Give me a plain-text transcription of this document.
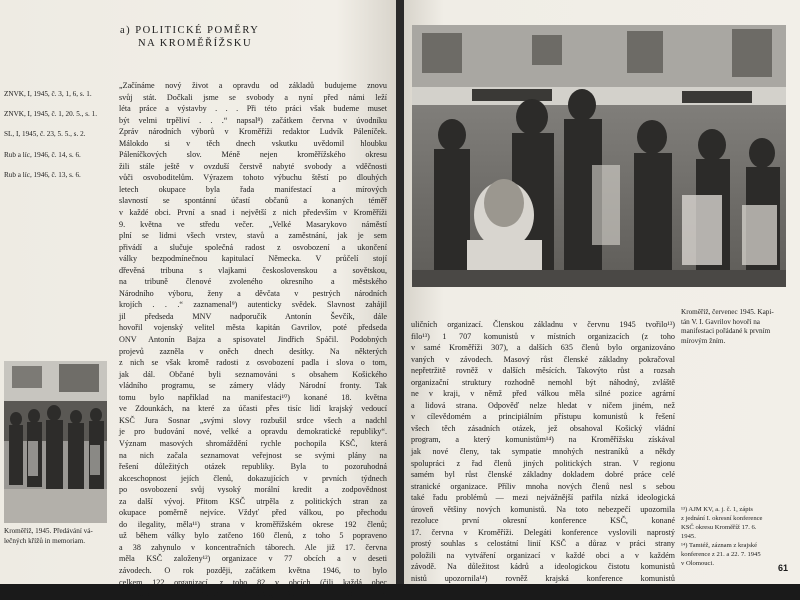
a) POLITICKÉ POMĚRY
NA KROMĚŘÍŽSKU
ZNVK, I, 1945, č. 3, 1, 6, s. 1.
ZNVK, I, 1945, č. 1, 20. 5., s. 1.
SL, I, 1945, č. 23, 5. 5., s. 2.
Rub a líc, 1946, č. 14, s. 6.
Rub a líc, 1946, č. 13, s. 6.
„Začínáme nový život a opravdu od základů budujeme znovu
svůj stát. Dočkali jsme se svobody a nyní před námi leží
léta práce a výstavby . . . Při této práci však budeme muset
být velmi trpěliví . . .“ napsal⁸) začátkem června v úvodníku
Zpráv národních výborů v Kroměříži redaktor Ludvík Páleníček.
Málokdo si v těch dnech vskutku uvědomil hloubku
Páleníčkových slov. Méně nejen kroměřížského okresu
žili stále ještě v ovzduší čerstvě nabyté svobody a vděčnosti
vůči osvoboditelům. Výrazem tohoto výbuchu štěstí po dlouhých
letech okupace byla řada manifestací a mírových
slavností se spontánní účastí občanů a konaných téměř
v každé obci. První a snad i největší z nich především v Kroměříži
9. května ve středu večer. „Velké Masarykovo náměstí
plní se lidmi všech vrstev, stavů a zaměstnání, jak je sem
přivádí a slučuje společná radost z osvobození a ukončení
války bezpodmínečnou kapitulací Německa. V průčelí stojí
dřevěná tribuna s vlajkami československou a sovětskou,
na tribuně členové zvoleného okresního a městského
Národního výboru, ženy a děvčata v pestrých národních
krojích . . .“ zaznamenal⁹) autenticky svědek. Slavnost zahájil
jil předseda MNV nadporučík Antonín Ševčík, dále
hovořil vojenský velitel města kapitán Gavrilov, poté předseda
ONV Antonín Bajza a spisovatel Jindřich Spáčil. Podobných
projevů zazněla v oněch dnech desítky. Na některých
z nich se však kromě radosti z osvobození padla i slova o tom,
jak dál. Občané byli seznamováni s obsahem Košického
vládního programu, se zámery vlády Národní fronty. Tak
tomu bylo například na manifestaci¹⁰) konané 18. května
ve Zdounkách, na které za účasti přes tisíc lidí krajský vedoucí
KSČ Jura Sosnar „svými slovy rozbušil srdce všech a nadchl
je pro budování nové, velké a opravdu demokratické republiky“.
Význam masových shromáždění rychle pochopila KSČ, která
na nich začala seznamovat veřejnost se svými plány na
řešení důležitých otázek republiky. Byla to pozoruhodná
akceschopnost jejích členů, dokazujících v prvních týdnech
po osvobození svůj vysoký morální kredit a zodpovědnost
za další vývoj. Přitom KSČ utrpěla z politických stran za
okupace poměrně nejvíce. Vždyť před válkou, po přechodu
do ilegality, měla¹¹) strana v kroměřížském okrese 192 členů;
už během války bylo zatčeno 160 členů, z toho 5 popraveno
a 38 zahynulo v koncentračních táborech. Ale již 17. června
měla KSČ založeny¹²) organizace v 77 obcích a v deseti
závodech. O rok později, začátkem května 1946, to bylo
celkem 122 organizací, z toho 82 v obcích (čili každá obec
v okrese měla stranickou organizaci), 26 v závodech a 14
Kroměříž, 1945. Předávání vá-
lečných křížů in memoriam.
Kroměříž, červenec 1945. Kapi-
tán V. I. Gavrilov hovoří na
manifestaci pořádané k prvním
mírovým žním.
uličních organizací. Členskou základnu v červnu 1945 tvořilo¹³)
filo¹³) 1 707 komunistů v místních organizacích (z toho
v samé Kroměříži 307), a dalších 635 členů bylo organizováno
vaných v závodech. Masový růst členské základny pokračoval
nepřetržitě rovněž v dalších měsících. Takovýto růst a rozsah
organizační struktury rozhodně nemohl být náhodný, zvláště
ne v kraji, v němž před válkou měla silné pozice agrární
a lidová strana. Odpověď nelze hledat v ničem jiném, než
v cílevědomém a principiálním přístupu komunistů k řešení
všech těch zásadních otázek, jež obsahoval Košický vládní
program, a který komunistům¹⁴) na Kroměřížsku získával
jak nové členy, tak sympatie mnohých nestraníků a někdy
spolupráci z řad členů jiných politických stran. V regionu
samém byl růst členské základny dokladem dobré práce celé
stranické organizace. Příliv mnoha nových členů nesl s sebou
také řadu problémů — mezi nejvážnější patřila nízká ideologická
úroveň většiny nových komunistů. Na toto nebezpečí upozornila
rezoluce první okresní konference KSČ, konané
17. června v Kroměříži. Delegáti konference vyslovili naprostý
prostý souhlas s celostátní linií KSČ a důraz v práci strany
položili na vytváření organizací v každé obci a v každém
závodě. Na důležitost kádrů a ideologickou čistotu komunistů
nistů upozornila¹⁴) rovněž krajská konference komunistů
¹³) AJM KV, a. j. č. 1, zápis
z jednání I. okresní konference
KSČ okresu Kroměříž 17. 6.
1945.
¹⁴) Tamtéž, záznam z krajské
konference z 21. a 22. 7. 1945
v Olomouci.	61
